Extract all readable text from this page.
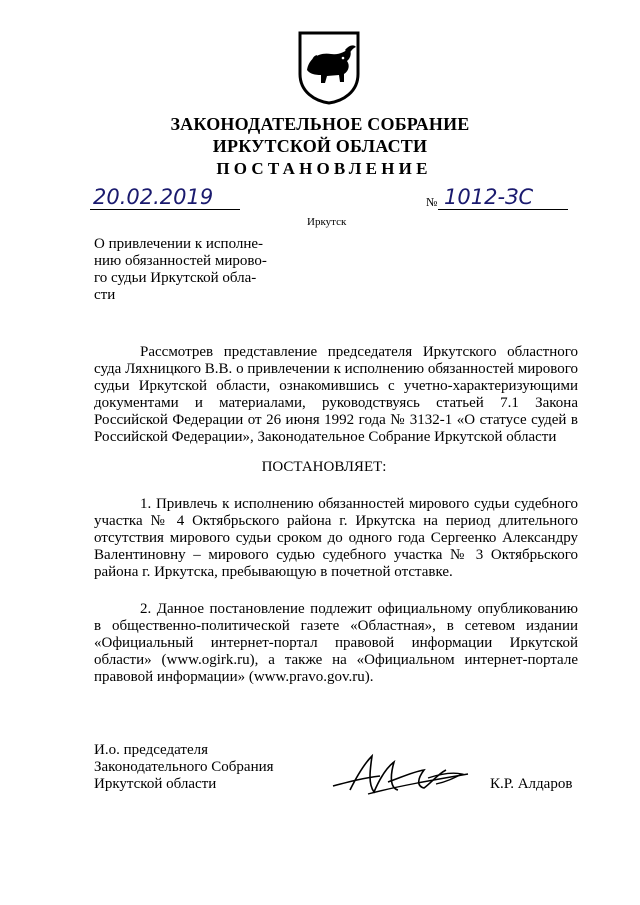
ЗАКОНОДАТЕЛЬНОЕ СОБРАНИЕ
ИРКУТСКОЙ ОБЛАСТИ
ПОСТАНОВЛЕНИЕ
20.02.2019	№ 1012-ЗС
Иркутск
О привлечении к исполне-
нию обязанностей мирово-
го судьи Иркутской обла-
сти
Рассмотрев представление председателя Иркутского областного суда Ляхницкого В.В. о привлечении к исполнению обязанностей мирового судьи Иркутской области, ознакомившись с учетно-характеризующими документами и материалами, руководствуясь статьей 7.1 Закона Российской Федерации от 26 июня 1992 года № 3132-1 «О статусе судей в Российской Федерации», Законодательное Собрание Иркутской области
ПОСТАНОВЛЯЕТ:
1. Привлечь к исполнению обязанностей мирового судьи судебного участка № 4 Октябрьского района г. Иркутска на период длительного отсутствия мирового судьи сроком до одного года Сергеенко Александру Валентиновну – мирового судью судебного участка № 3 Октябрьского района г. Иркутска, пребывающую в почетной отставке.
2. Данное постановление подлежит официальному опубликованию в общественно-политической газете «Областная», в сетевом издании «Официальный интернет-портал правовой информации Иркутской области» (www.ogirk.ru), а также на «Официальном интернет-портале правовой информации» (www.pravo.gov.ru).
И.о. председателя
Законодательного Собрания
Иркутской области	К.Р. Алдаров
